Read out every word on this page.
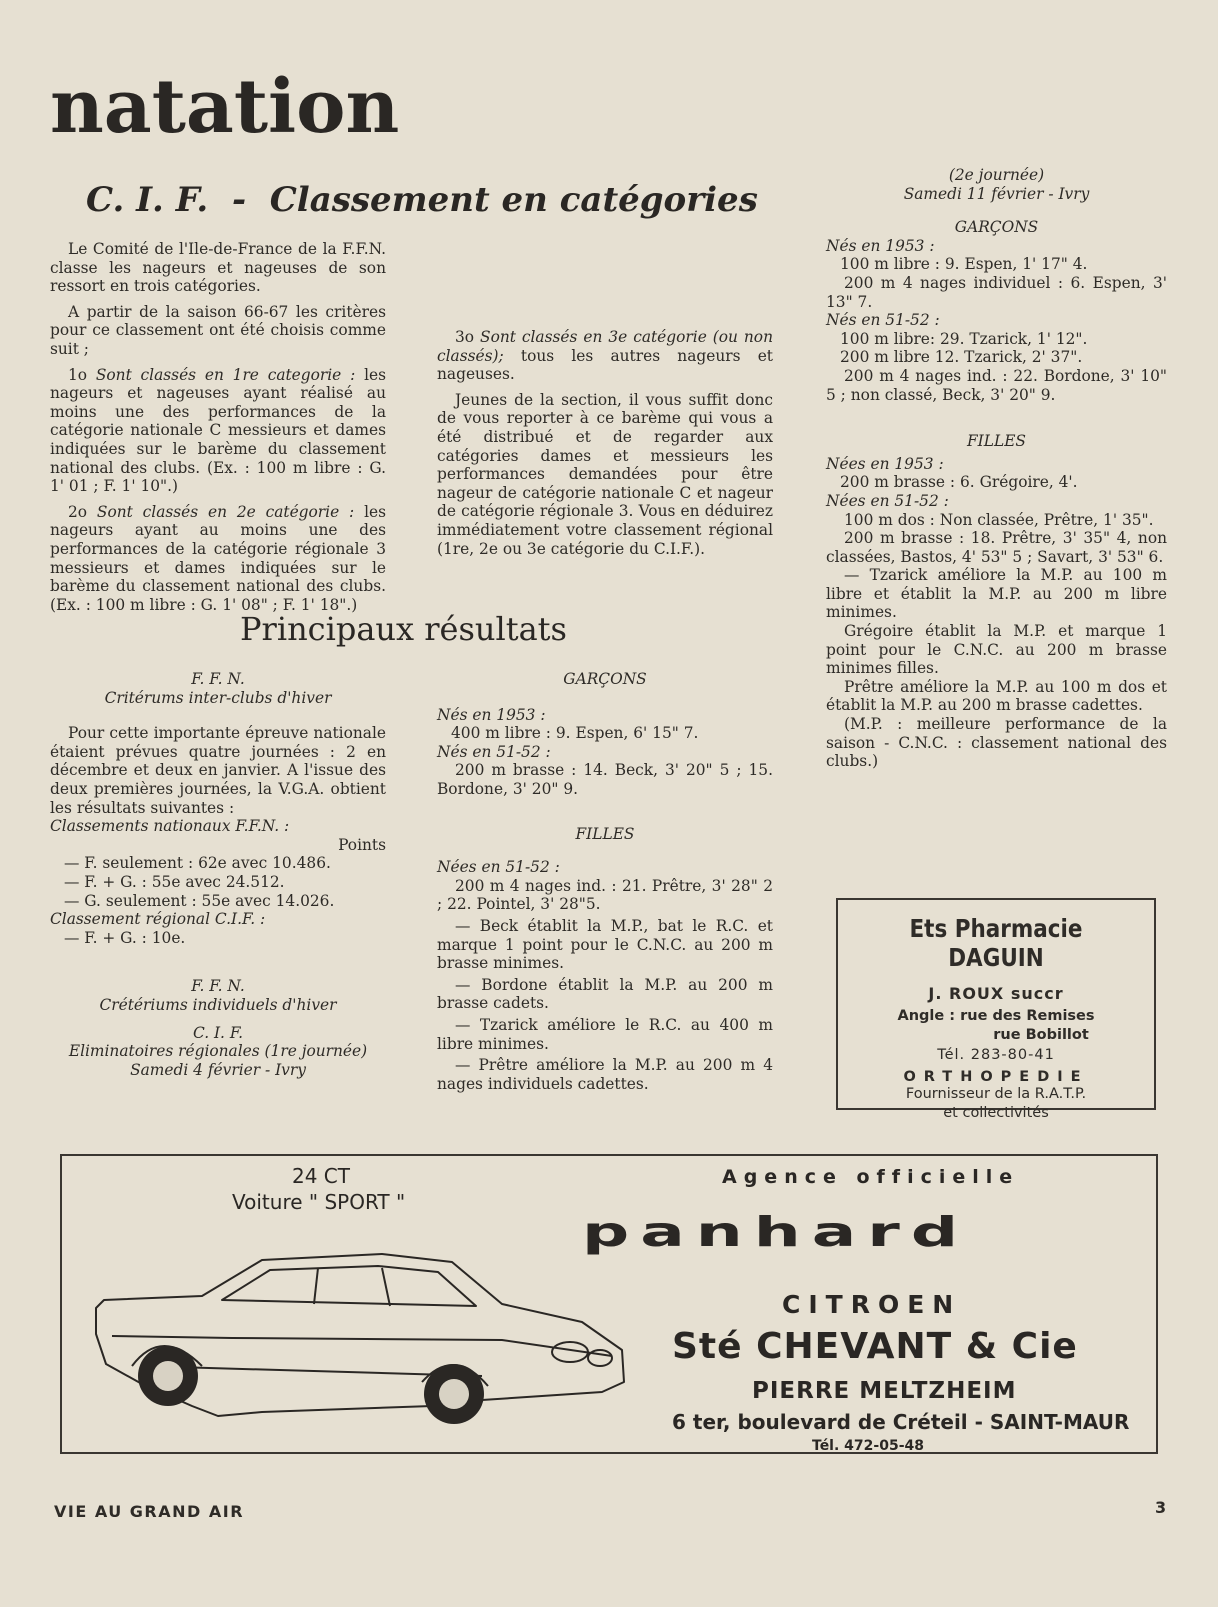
natation
C. I. F.  -  Classement en catégories
Principaux résultats

Le Comité de l'Ile-de-France de la F.F.N. classe les nageurs et nageuses de son ressort en trois catégories.

A partir de la saison 66-67 les critères pour ce classement ont été choisis comme suit ;

1o Sont classés en 1re categorie : les nageurs et nageuses ayant réalisé au moins une des performances de la catégorie nationale C messieurs et dames indiquées sur le barème du classement national des clubs. (Ex. : 100 m libre : G. 1' 01 ; F. 1' 10".)

2o Sont classés en 2e catégorie : les nageurs ayant au moins une des performances de la catégorie régionale 3 messieurs et dames indiquées sur le barème du classement national des clubs. (Ex. : 100 m libre : G. 1' 08" ; F. 1' 18".)

3o Sont classés en 3e catégorie (ou non classés); tous les autres nageurs et nageuses.

Jeunes de la section, il vous suffit donc de vous reporter à ce barème qui vous a été distribué et de regarder aux catégories dames et messieurs les performances demandées pour être nageur de catégorie nationale C et nageur de catégorie régionale 3. Vous en déduirez immédiatement votre classement régional (1re, 2e ou 3e catégorie du C.I.F.).

F. F. N.

Critérums inter-clubs d'hiver

Pour cette importante épreuve nationale étaient prévues quatre journées : 2 en décembre et deux en janvier. A l'issue des deux premières journées, la V.G.A. obtient les résultats suivantes :

Classements nationaux F.F.N. :

Points

— F. seulement : 62e avec 10.486.

— F. + G. : 55e avec 24.512.

— G. seulement : 55e avec 14.026.

Classement régional C.I.F. :

— F. + G. : 10e.

F. F. N.

Crétériums individuels d'hiver

C. I. F.

Eliminatoires régionales (1re journée)

Samedi 4 février - Ivry

GARÇONS

Nés en 1953 :

400 m libre : 9. Espen, 6' 15" 7.

Nés en 51-52 :

200 m brasse : 14. Beck, 3' 20" 5 ; 15. Bordone, 3' 20" 9.

FILLES

Nées en 51-52 :

200 m 4 nages ind. : 21. Prêtre, 3' 28" 2 ; 22. Pointel, 3' 28"5.

— Beck établit la M.P., bat le R.C. et marque 1 point pour le C.N.C. au 200 m brasse minimes.

— Bordone établit la M.P. au 200 m brasse cadets.

— Tzarick améliore le R.C. au 400 m libre minimes.

— Prêtre améliore la M.P. au 200 m 4 nages individuels cadettes.

(2e journée)

Samedi 11 février - Ivry

GARÇONS

Nés en 1953 :

100 m libre : 9. Espen, 1' 17" 4.

200 m 4 nages individuel : 6. Espen, 3' 13" 7.

Nés en 51-52 :

100 m libre: 29. Tzarick, 1' 12".

200 m libre 12. Tzarick, 2' 37".

200 m 4 nages ind. : 22. Bordone, 3' 10" 5 ; non classé, Beck, 3' 20" 9.

FILLES

Nées en 1953 :

200 m brasse : 6. Grégoire, 4'.

Nées en 51-52 :

100 m dos : Non classée, Prêtre, 1' 35".

200 m brasse : 18. Prêtre, 3' 35" 4, non classées, Bastos, 4' 53" 5 ; Savart, 3' 53" 6.

— Tzarick améliore la M.P. au 100 m libre et établit la M.P. au 200 m libre minimes.

Grégoire établit la M.P. et marque 1 point pour le C.N.C. au 200 m brasse minimes filles.

Prêtre améliore la M.P. au 100 m dos et établit la M.P. au 200 m brasse cadettes.

(M.P. : meilleure performance de la saison - C.N.C. : classement national des clubs.)

Ets Pharmacie DAGUIN
J. ROUX succr
Angle : rue des Remises
rue Bobillot
Tél. 283-80-41
ORTHOPEDIE
Fournisseur de la R.A.T.P.
et collectivités
24 CT
Voiture " SPORT "
Agence officielle
panhard
CITROEN
Sté CHEVANT & Cie
PIERRE MELTZHEIM
6 ter, boulevard de Créteil - SAINT-MAUR
Tél. 472-05-48
VIE AU GRAND AIR	3
